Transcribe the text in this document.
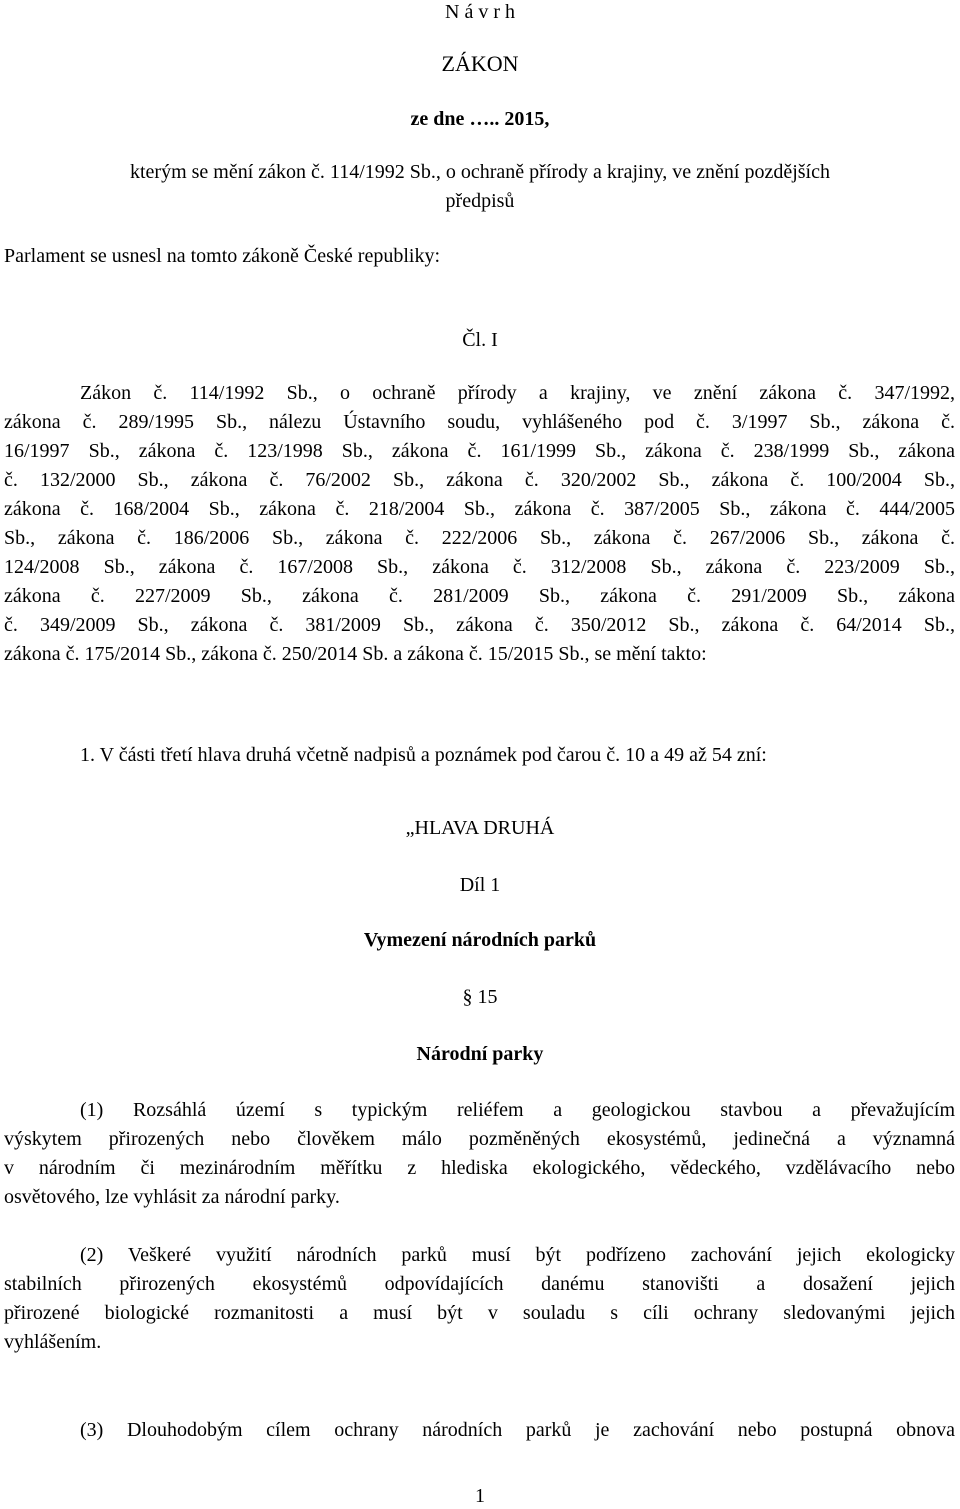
N á v r h
ZÁKON
ze dne ….. 2015,
kterým se mění zákon č. 114/1992 Sb., o ochraně přírody a krajiny, ve znění pozdějších
předpisů
Parlament se usnesl na tomto zákoně České republiky:
Čl. I
Zákon č. 114/1992 Sb., o ochraně přírody a krajiny, ve znění zákona č. 347/1992,
zákona č. 289/1995 Sb., nálezu Ústavního soudu, vyhlášeného pod č. 3/1997 Sb., zákona č.
16/1997 Sb., zákona č. 123/1998 Sb., zákona č. 161/1999 Sb., zákona č. 238/1999 Sb., zákona
č. 132/2000 Sb., zákona č. 76/2002 Sb., zákona č. 320/2002 Sb., zákona č. 100/2004 Sb.,
zákona č. 168/2004 Sb., zákona č. 218/2004 Sb., zákona č. 387/2005 Sb., zákona č. 444/2005
Sb., zákona č. 186/2006 Sb., zákona č. 222/2006 Sb., zákona č. 267/2006 Sb., zákona č.
124/2008 Sb., zákona č. 167/2008 Sb., zákona č. 312/2008 Sb., zákona č. 223/2009 Sb.,
zákona č. 227/2009 Sb., zákona č. 281/2009 Sb., zákona č. 291/2009 Sb., zákona
č. 349/2009 Sb., zákona č. 381/2009 Sb., zákona č. 350/2012 Sb., zákona č. 64/2014 Sb.,
zákona č. 175/2014 Sb., zákona č. 250/2014 Sb. a zákona č. 15/2015 Sb., se mění takto:
1. V části třetí hlava druhá včetně nadpisů a poznámek pod čarou č. 10 a 49 až 54 zní:
„HLAVA DRUHÁ
Díl 1
Vymezení národních parků
§ 15
Národní parky
(1) Rozsáhlá území s typickým reliéfem a geologickou stavbou a převažujícím
výskytem přirozených nebo člověkem málo pozměněných ekosystémů, jedinečná a významná
v národním či mezinárodním měřítku z hlediska ekologického, vědeckého, vzdělávacího nebo
osvětového, lze vyhlásit za národní parky.
(2) Veškeré využití národních parků musí být podřízeno zachování jejich ekologicky
stabilních přirozených ekosystémů odpovídajících danému stanovišti a dosažení jejich
přirozené biologické rozmanitosti a musí být v souladu s cíli ochrany sledovanými jejich
vyhlášením.
(3) Dlouhodobým cílem ochrany národních parků je zachování nebo postupná obnova
1
